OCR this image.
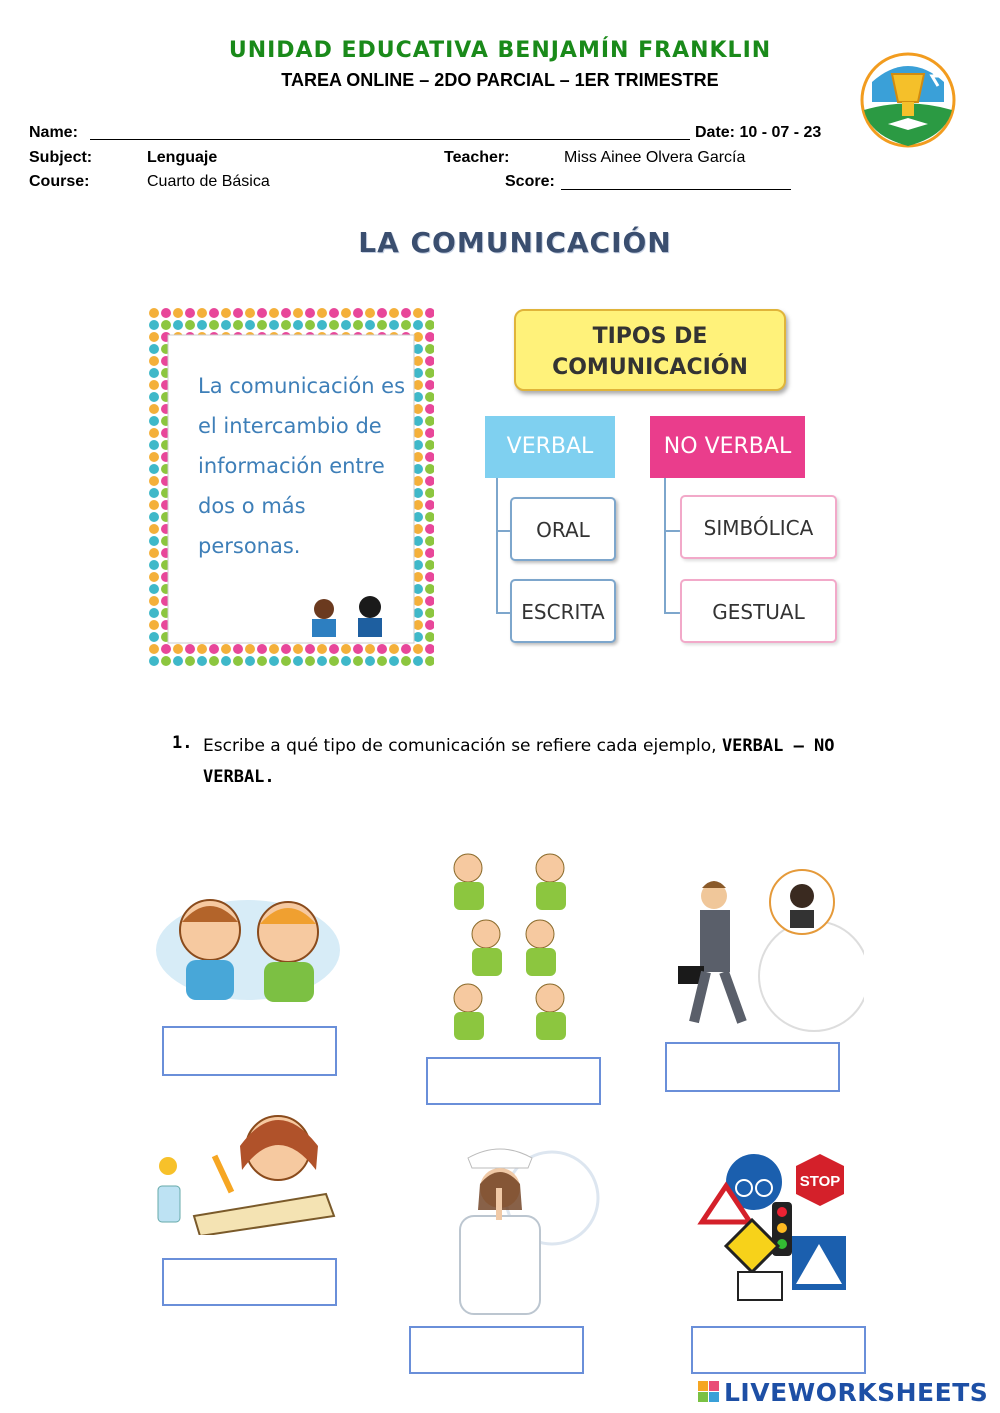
UNIDAD EDUCATIVA BENJAMÍN FRANKLIN
TAREA ONLINE – 2DO PARCIAL – 1ER TRIMESTRE
Name:	Date: 10 - 07 - 23
Subject:	Lenguaje	Teacher:	Miss Ainee Olvera García
Course:	Cuarto de Básica	Score:
LA COMUNICACIÓN
La comunicación es el intercambio de información entre dos o más personas.
TIPOS DE
COMUNICACIÓN
VERBAL	NO VERBAL
ORAL
ESCRITA
SIMBÓLICA
GESTUAL
1. Escribe a qué tipo de comunicación se refiere cada ejemplo, VERBAL – NO VERBAL.
STOP
LIVEWORKSHEETS
